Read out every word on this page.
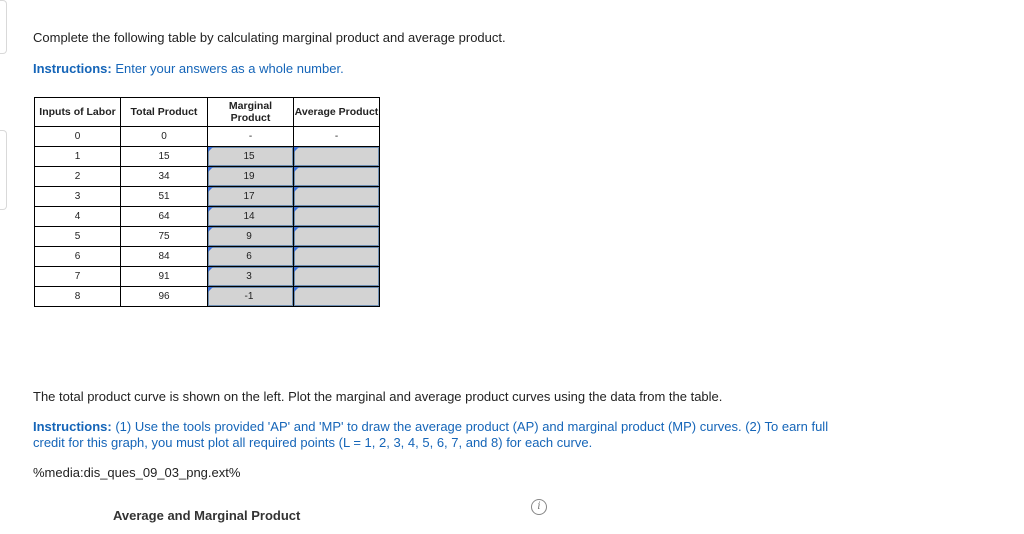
Complete the following table by calculating marginal product and average product.

Instructions: Enter your answers as a whole number.

Inputs of Labor	Total Product	Marginal Product	Average Product
0	0	-	-
1	15	15	

2	34	19	

3	51	17	

4	64	14	

5	75	9	

6	84	6	

7	91	3	

8	96	-1	

The total product curve is shown on the left. Plot the marginal and average product curves using the data from the table.

Instructions: (1) Use the tools provided 'AP' and 'MP' to draw the average product (AP) and marginal product (MP) curves. (2) To earn full credit for this graph, you must plot all required points (L = 1, 2, 3, 4, 5, 6, 7, and 8) for each curve.

%media:dis_ques_09_03_png.ext%

Average and Marginal Product
i
